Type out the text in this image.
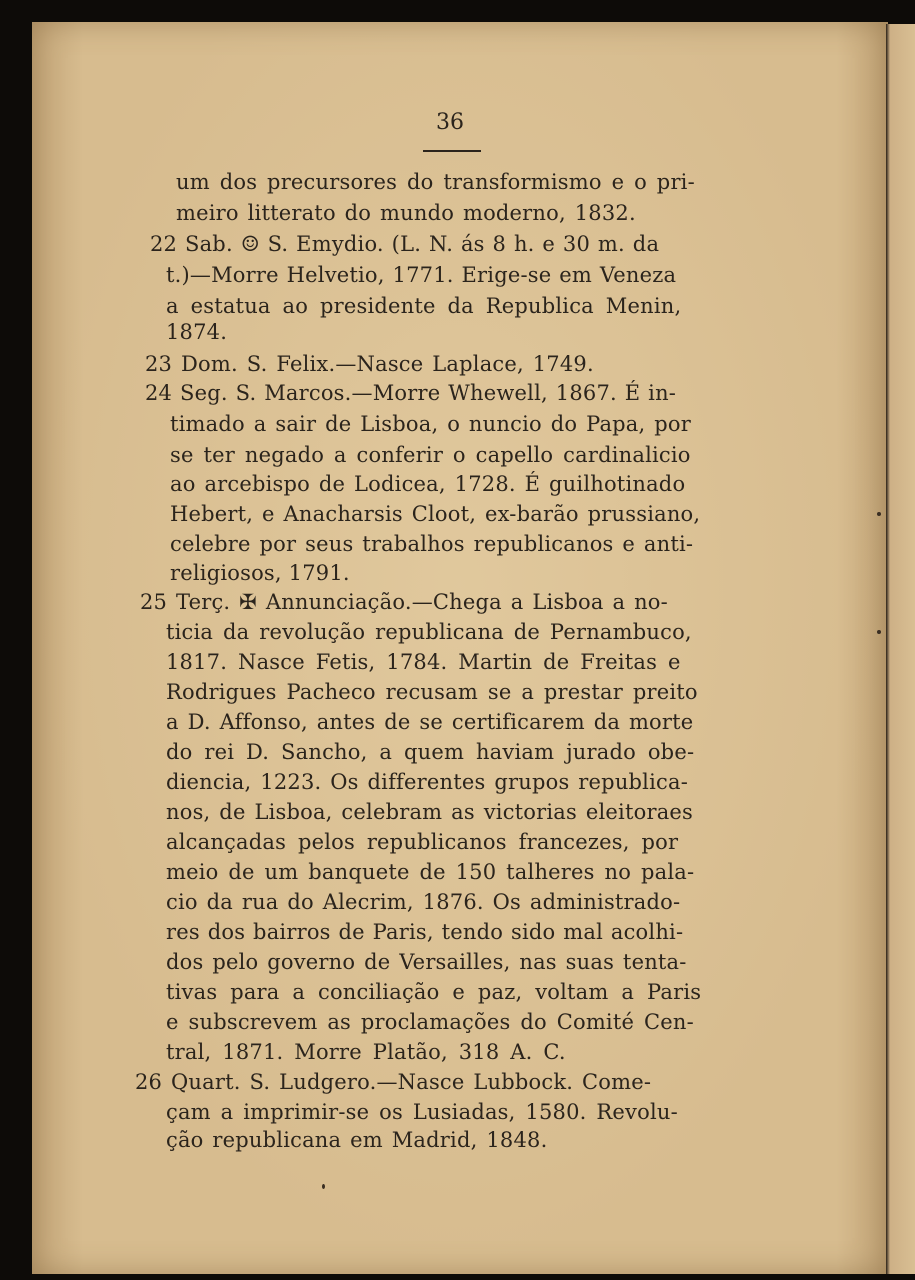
36
um dos precursores do transformismo e o pri-
meiro litterato do mundo moderno, 1832.
22 Sab. ☺ S. Emydio. (L. N. ás 8 h. e 30 m. da
t.)—Morre Helvetio, 1771. Erige-se em Veneza
a estatua ao presidente da Republica Menin,
1874.
23 Dom. S. Felix.—Nasce Laplace, 1749.
24 Seg. S. Marcos.—Morre Whewell, 1867. É in-
timado a sair de Lisboa, o nuncio do Papa, por
se ter negado a conferir o capello cardinalicio
ao arcebispo de Lodicea, 1728. É guilhotinado
Hebert, e Anacharsis Cloot, ex-barão prussiano,
celebre por seus trabalhos republicanos e anti-
religiosos, 1791.
25 Terç. ✠ Annunciação.—Chega a Lisboa a no-
ticia da revolução republicana de Pernambuco,
1817. Nasce Fetis, 1784. Martin de Freitas e
Rodrigues Pacheco recusam se a prestar preito
a D. Affonso, antes de se certificarem da morte
do rei D. Sancho, a quem haviam jurado obe-
diencia, 1223. Os differentes grupos republica-
nos, de Lisboa, celebram as victorias eleitoraes
alcançadas pelos republicanos francezes, por
meio de um banquete de 150 talheres no pala-
cio da rua do Alecrim, 1876. Os administrado-
res dos bairros de Paris, tendo sido mal acolhi-
dos pelo governo de Versailles, nas suas tenta-
tivas para a conciliação e paz, voltam a Paris
e subscrevem as proclamações do Comité Cen-
tral, 1871. Morre Platão, 318 A. C.
26 Quart. S. Ludgero.—Nasce Lubbock. Come-
çam a imprimir-se os Lusiadas, 1580. Revolu-
ção republicana em Madrid, 1848.
